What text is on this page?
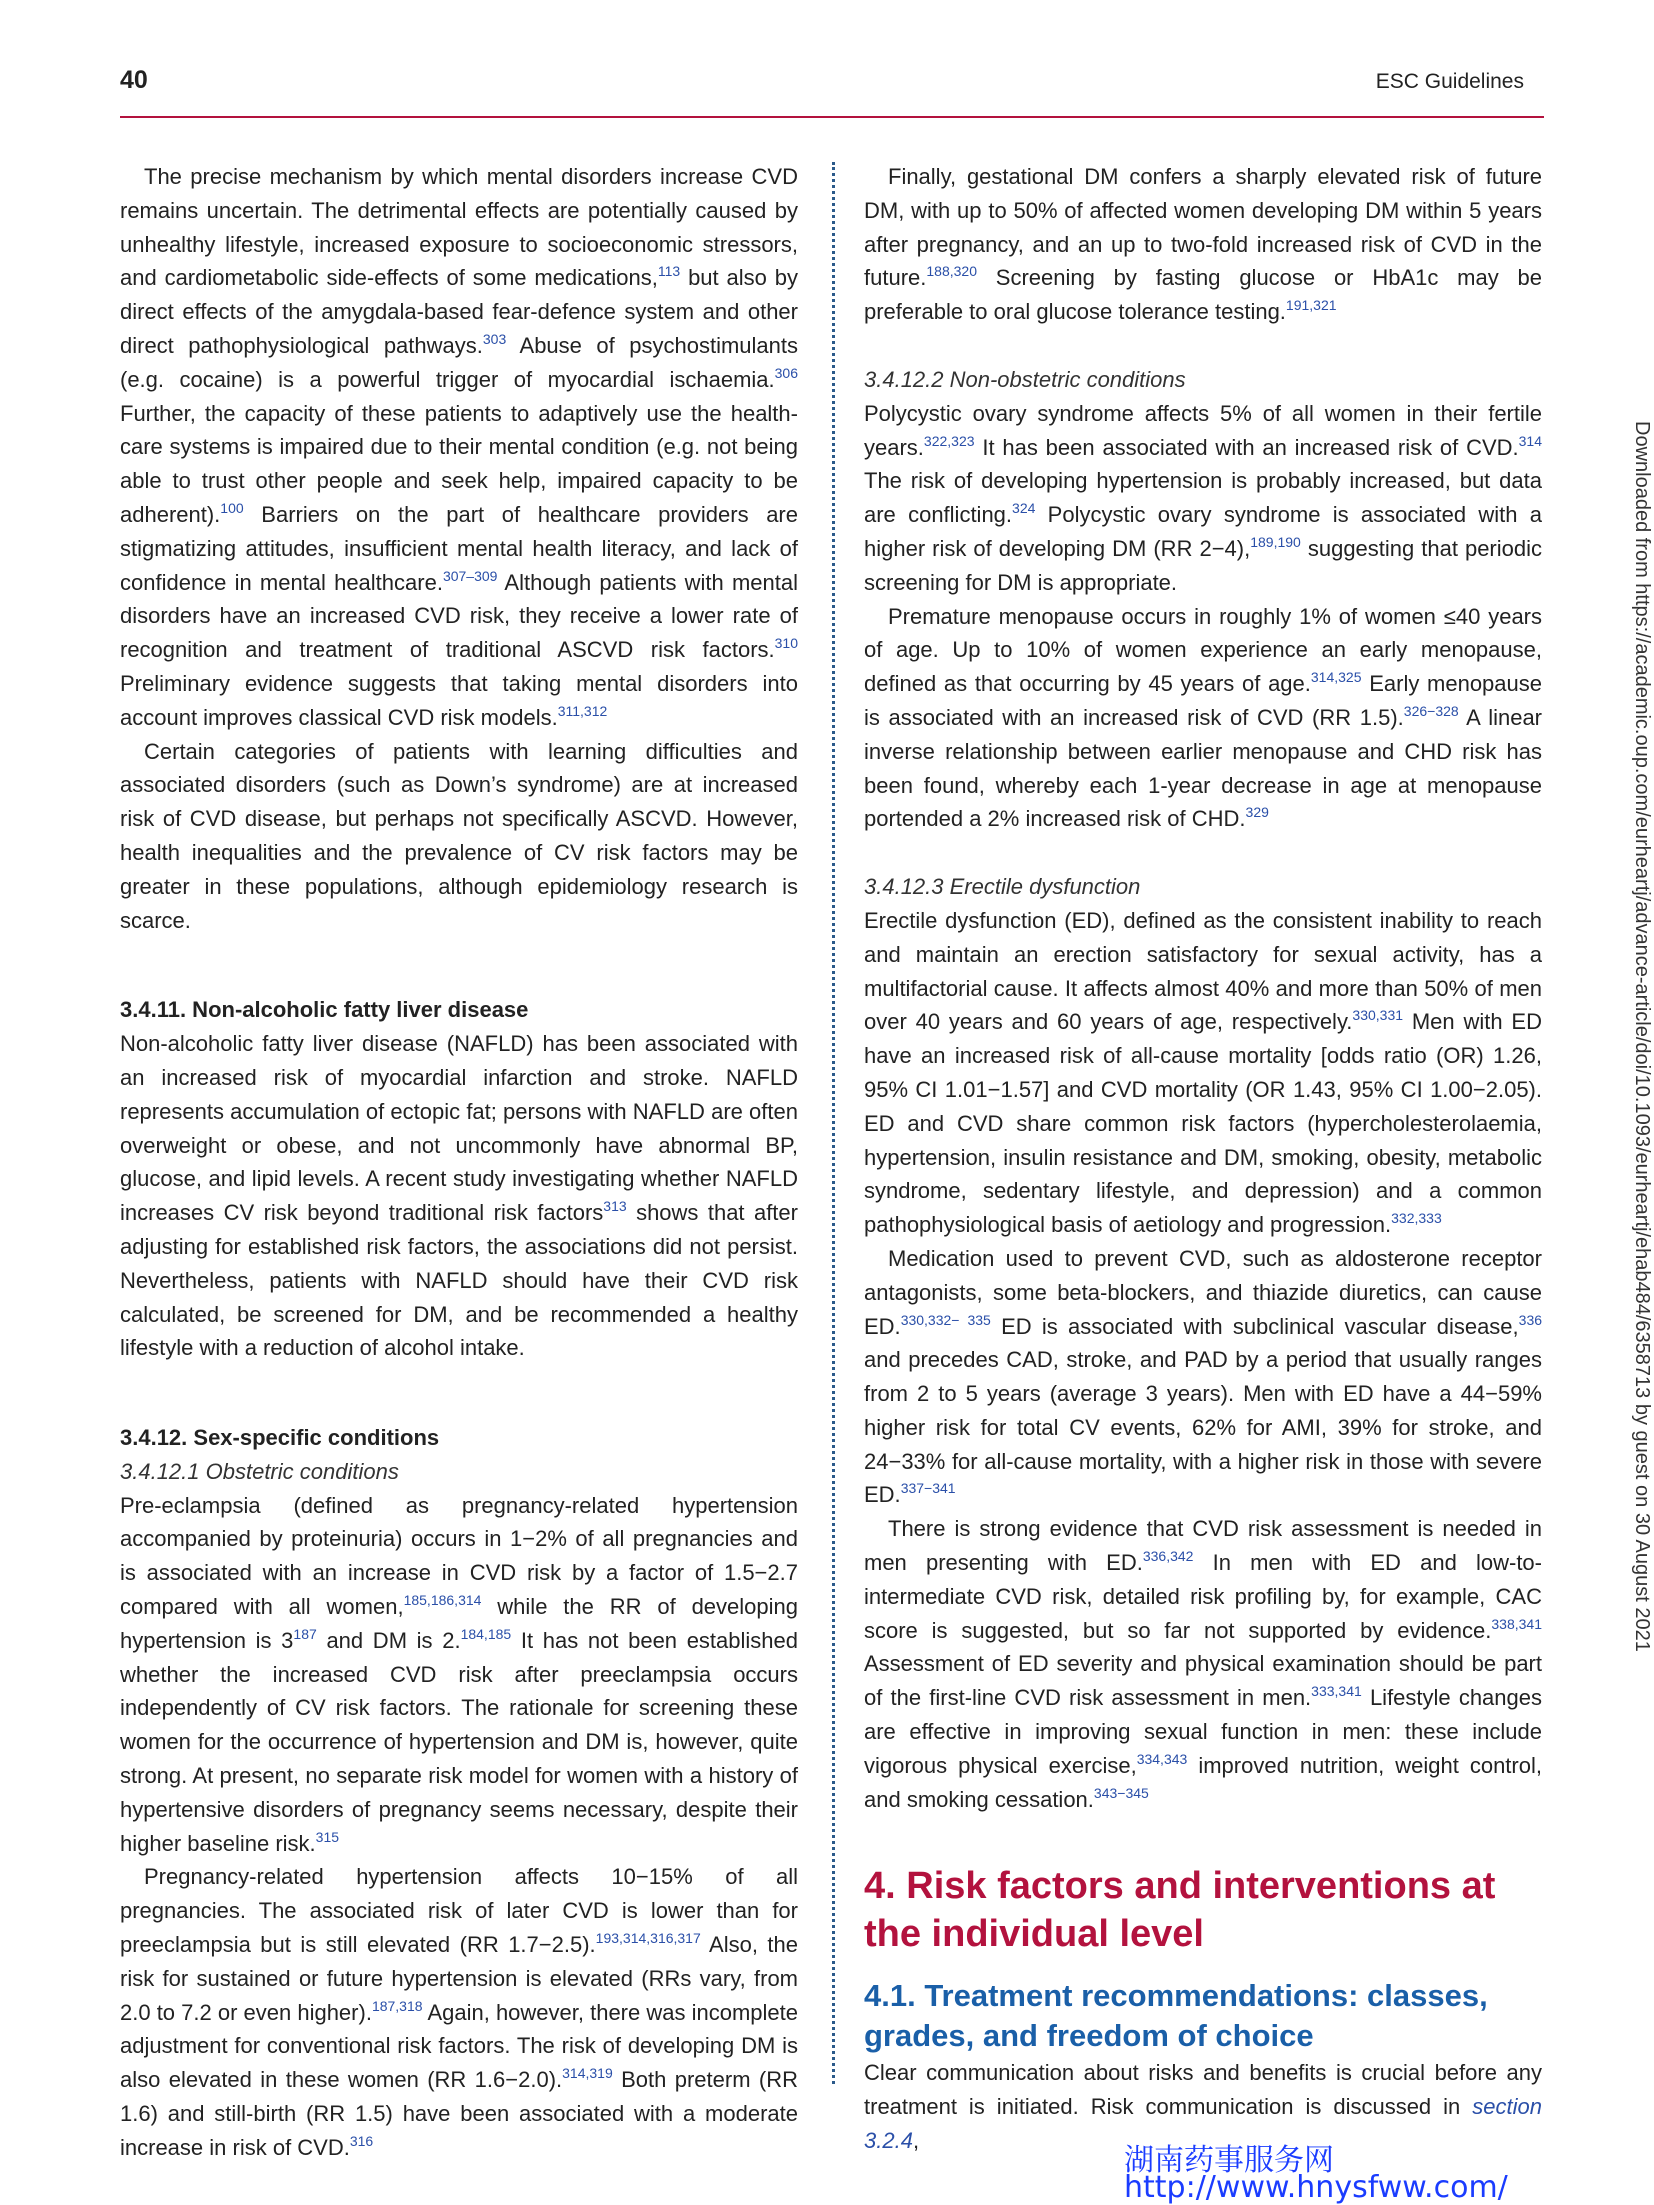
40	ESC Guidelines

The precise mechanism by which mental disorders increase CVD remains uncertain. The detrimental effects are potentially caused by unhealthy lifestyle, increased exposure to socioeconomic stressors, and cardiometabolic side-effects of some medications,$^{113}$ but also by direct effects of the amygdala-based fear-defence system and other direct pathophysiological pathways.$^{303}$ Abuse of psychostimulants (e.g. cocaine) is a powerful trigger of myocardial ischaemia.$^{306}$ Further, the capacity of these patients to adaptively use the health-care systems is impaired due to their mental condition (e.g. not being able to trust other people and seek help, impaired capacity to be adherent).$^{100}$ Barriers on the part of healthcare providers are stigmatizing attitudes, insufficient mental health literacy, and lack of confidence in mental healthcare.$^{307-309}$ Although patients with mental disorders have an increased CVD risk, they receive a lower rate of recognition and treatment of traditional ASCVD risk factors.$^{310}$ Preliminary evidence suggests that taking mental disorders into account improves classical CVD risk models.$^{311,312}$

Certain categories of patients with learning difficulties and associated disorders (such as Down’s syndrome) are at increased risk of CVD disease, but perhaps not specifically ASCVD. However, health inequalities and the prevalence of CV risk factors may be greater in these populations, although epidemiology research is scarce.

3.4.11. Non-alcoholic fatty liver disease

Non-alcoholic fatty liver disease (NAFLD) has been associated with an increased risk of myocardial infarction and stroke. NAFLD represents accumulation of ectopic fat; persons with NAFLD are often overweight or obese, and not uncommonly have abnormal BP, glucose, and lipid levels. A recent study investigating whether NAFLD increases CV risk beyond traditional risk factors$^{313}$ shows that after adjusting for established risk factors, the associations did not persist. Nevertheless, patients with NAFLD should have their CVD risk calculated, be screened for DM, and be recommended a healthy lifestyle with a reduction of alcohol intake.

3.4.12. Sex-specific conditions
3.4.12.1 Obstetric conditions

Pre-eclampsia (defined as pregnancy-related hypertension accompanied by proteinuria) occurs in 1−2% of all pregnancies and is associated with an increase in CVD risk by a factor of 1.5−2.7 compared with all women,$^{185,186,314}$ while the RR of developing hypertension is $3^{187}$ and DM is 2.$^{184,185}$ It has not been established whether the increased CVD risk after preeclampsia occurs independently of CV risk factors. The rationale for screening these women for the occurrence of hypertension and DM is, however, quite strong. At present, no separate risk model for women with a history of hypertensive disorders of pregnancy seems necessary, despite their higher baseline risk.$^{315}$

Pregnancy-related hypertension affects 10−15% of all pregnancies. The associated risk of later CVD is lower than for preeclampsia but is still elevated (RR 1.7−2.5).$^{193,314,316,317}$ Also, the risk for sustained or future hypertension is elevated (RRs vary, from 2.0 to 7.2 or even higher).$^{187,318}$ Again, however, there was incomplete adjustment for conventional risk factors. The risk of developing DM is also elevated in these women (RR 1.6−2.0).$^{314,319}$ Both preterm (RR 1.6) and still-birth (RR 1.5) have been associated with a moderate increase in risk of CVD.$^{316}$

Finally, gestational DM confers a sharply elevated risk of future DM, with up to 50% of affected women developing DM within 5 years after pregnancy, and an up to two-fold increased risk of CVD in the future.$^{188,320}$ Screening by fasting glucose or HbA1c may be preferable to oral glucose tolerance testing.$^{191,321}$

3.4.12.2 Non-obstetric conditions

Polycystic ovary syndrome affects 5% of all women in their fertile years.$^{322,323}$ It has been associated with an increased risk of CVD.$^{314}$ The risk of developing hypertension is probably increased, but data are conflicting.$^{324}$ Polycystic ovary syndrome is associated with a higher risk of developing DM (RR 2−4),$^{189,190}$ suggesting that periodic screening for DM is appropriate.

Premature menopause occurs in roughly 1% of women ≤40 years of age. Up to 10% of women experience an early menopause, defined as that occurring by 45 years of age.$^{314,325}$ Early menopause is associated with an increased risk of CVD (RR 1.5).$^{326-328}$ A linear inverse relationship between earlier menopause and CHD risk has been found, whereby each 1-year decrease in age at menopause portended a 2% increased risk of CHD.$^{329}$

3.4.12.3 Erectile dysfunction

Erectile dysfunction (ED), defined as the consistent inability to reach and maintain an erection satisfactory for sexual activity, has a multifactorial cause. It affects almost 40% and more than 50% of men over 40 years and 60 years of age, respectively.$^{330,331}$ Men with ED have an increased risk of all-cause mortality [odds ratio (OR) 1.26, 95% CI 1.01−1.57] and CVD mortality (OR 1.43, 95% CI 1.00−2.05). ED and CVD share common risk factors (hypercholesterolaemia, hypertension, insulin resistance and DM, smoking, obesity, metabolic syndrome, sedentary lifestyle, and depression) and a common pathophysiological basis of aetiology and progression.$^{332,333}$

Medication used to prevent CVD, such as aldosterone receptor antagonists, some beta-blockers, and thiazide diuretics, can cause ED.$^{330,332- 335}$ ED is associated with subclinical vascular disease,$^{336}$ and precedes CAD, stroke, and PAD by a period that usually ranges from 2 to 5 years (average 3 years). Men with ED have a 44−59% higher risk for total CV events, 62% for AMI, 39% for stroke, and 24−33% for all-cause mortality, with a higher risk in those with severe ED.$^{337-341}$

There is strong evidence that CVD risk assessment is needed in men presenting with ED.$^{336,342}$ In men with ED and low-to-intermediate CVD risk, detailed risk profiling by, for example, CAC score is suggested, but so far not supported by evidence.$^{338,341}$ Assessment of ED severity and physical examination should be part of the first-line CVD risk assessment in men.$^{333,341}$ Lifestyle changes are effective in improving sexual function in men: these include vigorous physical exercise,$^{334,343}$ improved nutrition, weight control, and smoking cessation.$^{343-345}$

4. Risk factors and interventions at the individual level
4.1. Treatment recommendations: classes, grades, and freedom of choice

Clear communication about risks and benefits is crucial before any treatment is initiated. Risk communication is discussed in section 3.2.4,

Downloaded from https://academic.oup.com/eurheartj/advance-article/doi/10.1093/eurheartj/ehab484/6358713 by guest on 30 August 2021
湖南药事服务网
http://www.hnysfww.com/
